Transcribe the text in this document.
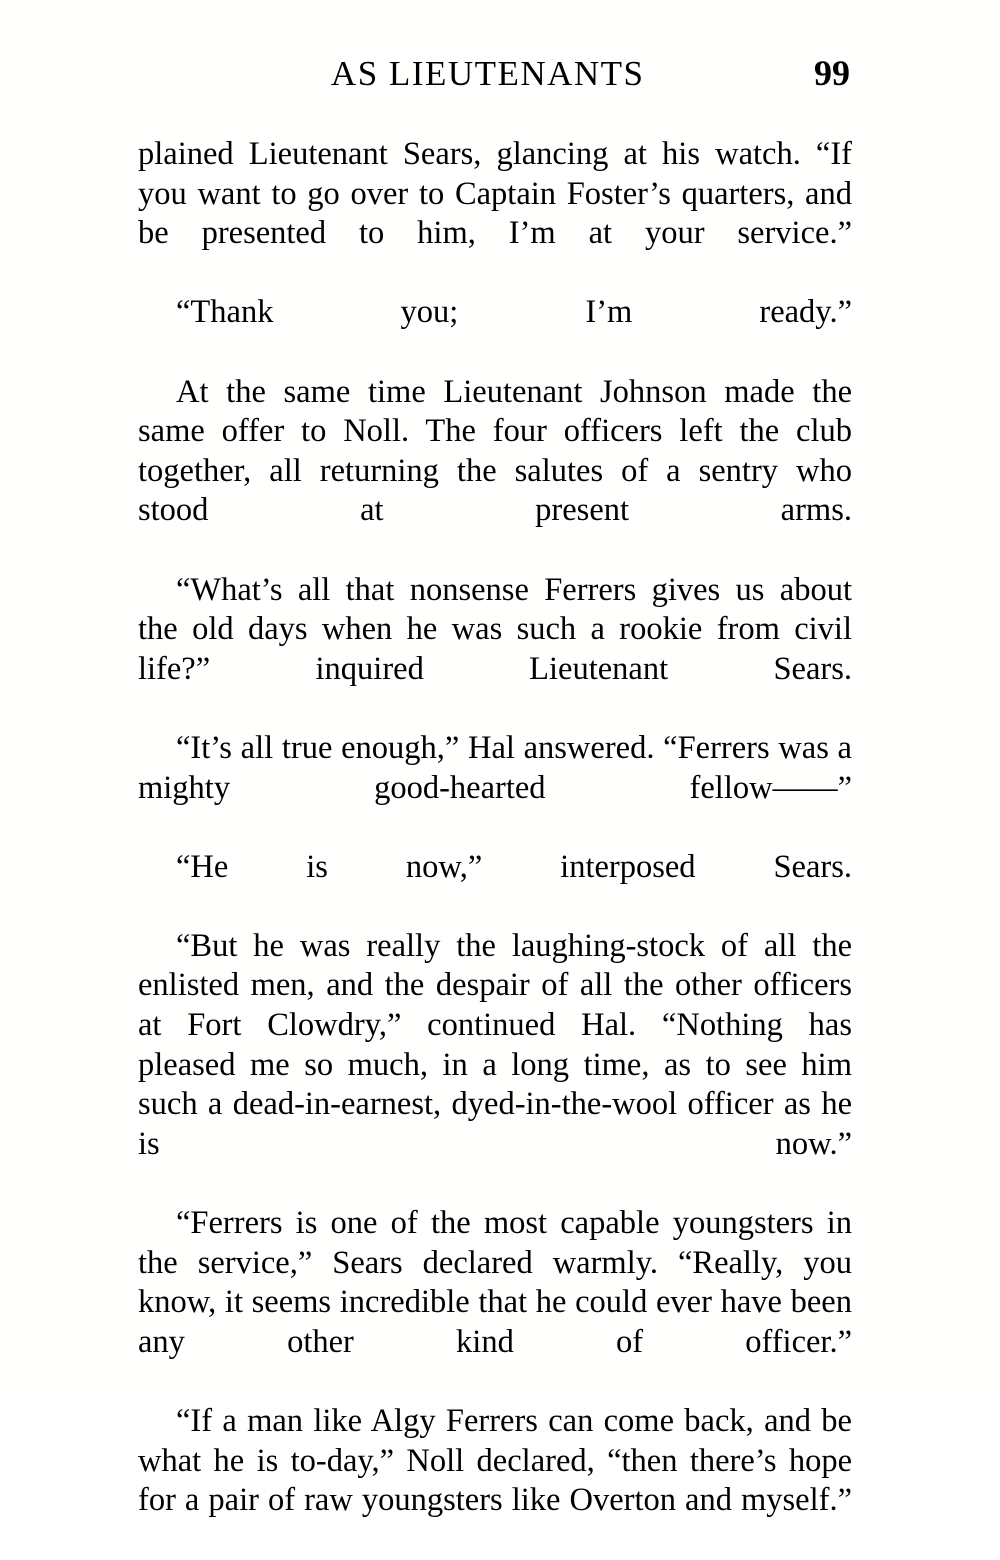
AS LIEUTENANTS	99

plained Lieutenant Sears, glancing at his watch. “If you want to go over to Captain Foster’s quarters, and be presented to him, I’m at your service.”

“Thank you; I’m ready.”

At the same time Lieutenant Johnson made the same offer to Noll. The four officers left the club together, all returning the salutes of a sentry who stood at present arms.

“What’s all that nonsense Ferrers gives us about the old days when he was such a rookie from civil life?” inquired Lieutenant Sears.

“It’s all true enough,” Hal answered. “Ferrers was a mighty good-hearted fellow——”

“He is now,” interposed Sears.

“But he was really the laughing-stock of all the enlisted men, and the despair of all the other officers at Fort Clowdry,” continued Hal. “Nothing has pleased me so much, in a long time, as to see him such a dead-in-earnest, dyed-in-the-wool officer as he is now.”

“Ferrers is one of the most capable youngsters in the service,” Sears declared warmly. “Really, you know, it seems incredible that he could ever have been any other kind of officer.”

“If a man like Algy Ferrers can come back, and be what he is to-day,” Noll declared, “then there’s hope for a pair of raw youngsters like Overton and myself.”
